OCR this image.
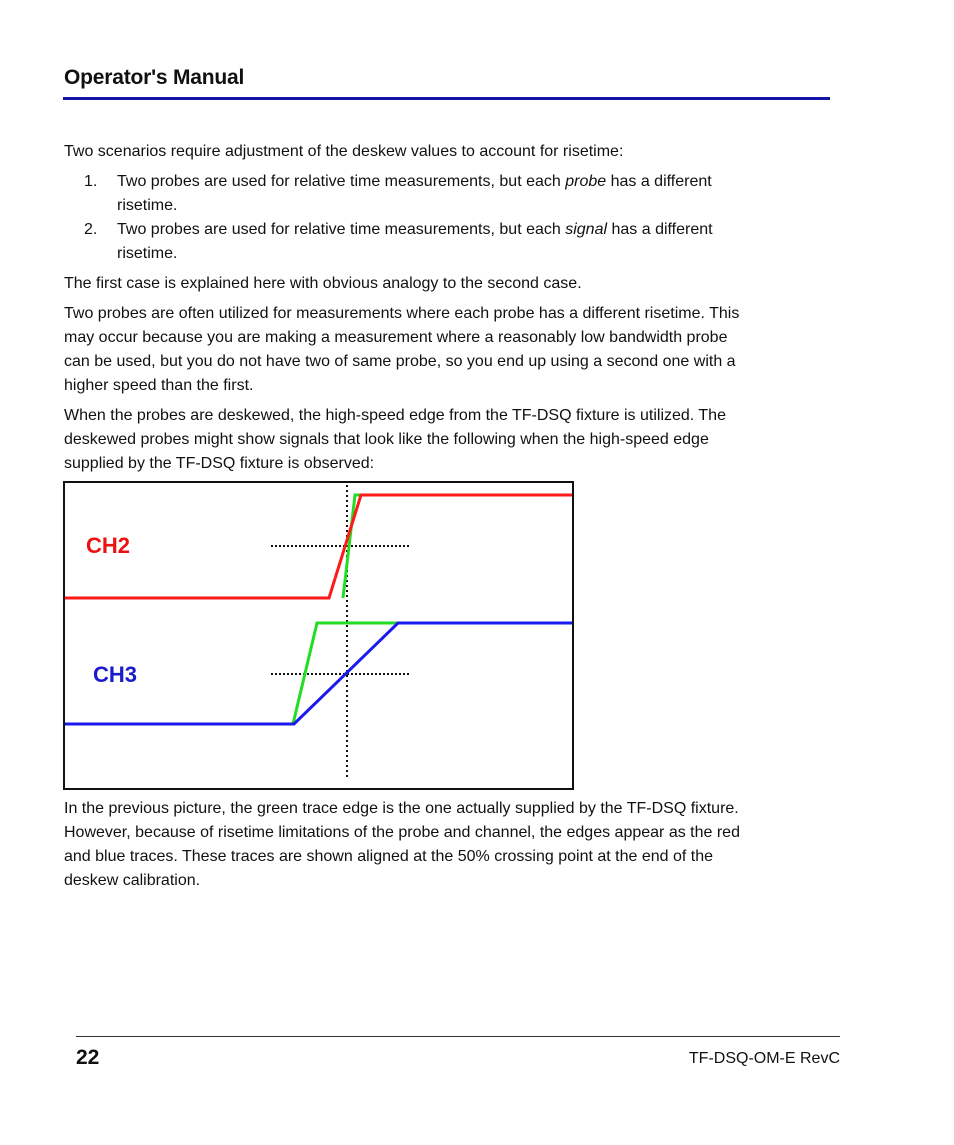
Operator's Manual

Two scenarios require adjustment of the deskew values to account for risetime:

1. Two probes are used for relative time measurements, but each probe has a different
risetime.
2. Two probes are used for relative time measurements, but each signal has a different
risetime.

The first case is explained here with obvious analogy to the second case.

Two probes are often utilized for measurements where each probe has a different risetime. This
may occur because you are making a measurement where a reasonably low bandwidth probe
can be used, but you do not have two of same probe, so you end up using a second one with a
higher speed than the first.
When the probes are deskewed, the high-speed edge from the TF-DSQ fixture is utilized. The
deskewed probes might show signals that look like the following when the high-speed edge
supplied by the TF-DSQ fixture is observed:
CH2
CH3
In the previous picture, the green trace edge is the one actually supplied by the TF-DSQ fixture.
However, because of risetime limitations of the probe and channel, the edges appear as the red
and blue traces. These traces are shown aligned at the 50% crossing point at the end of the
deskew calibration.
22	TF-DSQ-OM-E RevC
